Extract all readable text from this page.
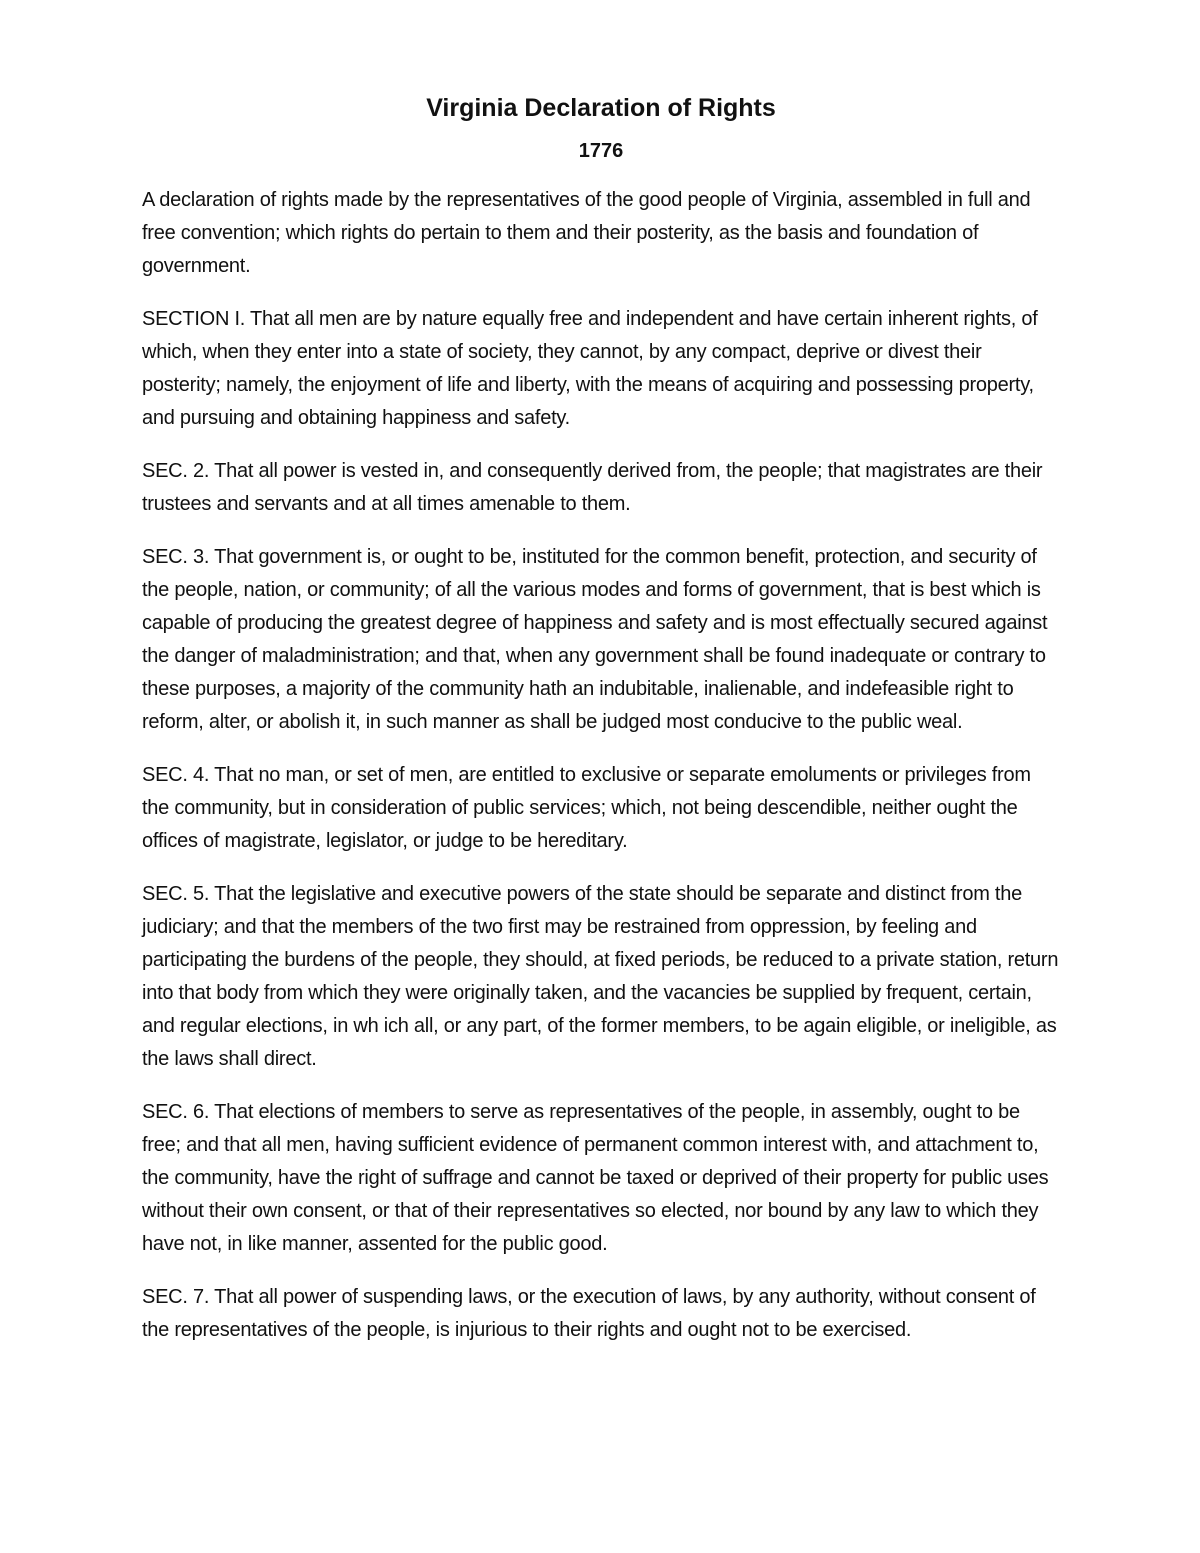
Virginia Declaration of Rights
1776

A declaration of rights made by the representatives of the good people of Virginia, assembled in full and free convention; which rights do pertain to them and their posterity, as the basis and foundation of government.

SECTION I. That all men are by nature equally free and independent and have certain inherent rights, of which, when they enter into a state of society, they cannot, by any compact, deprive or divest their posterity; namely, the enjoyment of life and liberty, with the means of acquiring and possessing property, and pursuing and obtaining happiness and safety.

SEC. 2. That all power is vested in, and consequently derived from, the people; that magistrates are their trustees and servants and at all times amenable to them.

SEC. 3. That government is, or ought to be, instituted for the common benefit, protection, and security of the people, nation, or community; of all the various modes and forms of government, that is best which is capable of producing the greatest degree of happiness and safety and is most effectually secured against the danger of maladministration; and that, when any government shall be found inadequate or contrary to these purposes, a majority of the community hath an indubitable, inalienable, and indefeasible right to reform, alter, or abolish it, in such manner as shall be judged most conducive to the public weal.

SEC. 4. That no man, or set of men, are entitled to exclusive or separate emoluments or privileges from the community, but in consideration of public services; which, not being descendible, neither ought the offices of magistrate, legislator, or judge to be hereditary.

SEC. 5. That the legislative and executive powers of the state should be separate and distinct from the judiciary; and that the members of the two first may be restrained from oppression, by feeling and participating the burdens of the people, they should, at fixed periods, be reduced to a private station, return into that body from which they were originally taken, and the vacancies be supplied by frequent, certain, and regular elections, in wh ich all, or any part, of the former members, to be again eligible, or ineligible, as the laws shall direct.

SEC. 6. That elections of members to serve as representatives of the people, in assembly, ought to be free; and that all men, having sufficient evidence of permanent common interest with, and attachment to, the community, have the right of suffrage and cannot be taxed or deprived of their property for public uses without their own consent, or that of their representatives so elected, nor bound by any law to which they have not, in like manner, assented for the public good.

SEC. 7. That all power of suspending laws, or the execution of laws, by any authority, without consent of the representatives of the people, is injurious to their rights and ought not to be exercised.
